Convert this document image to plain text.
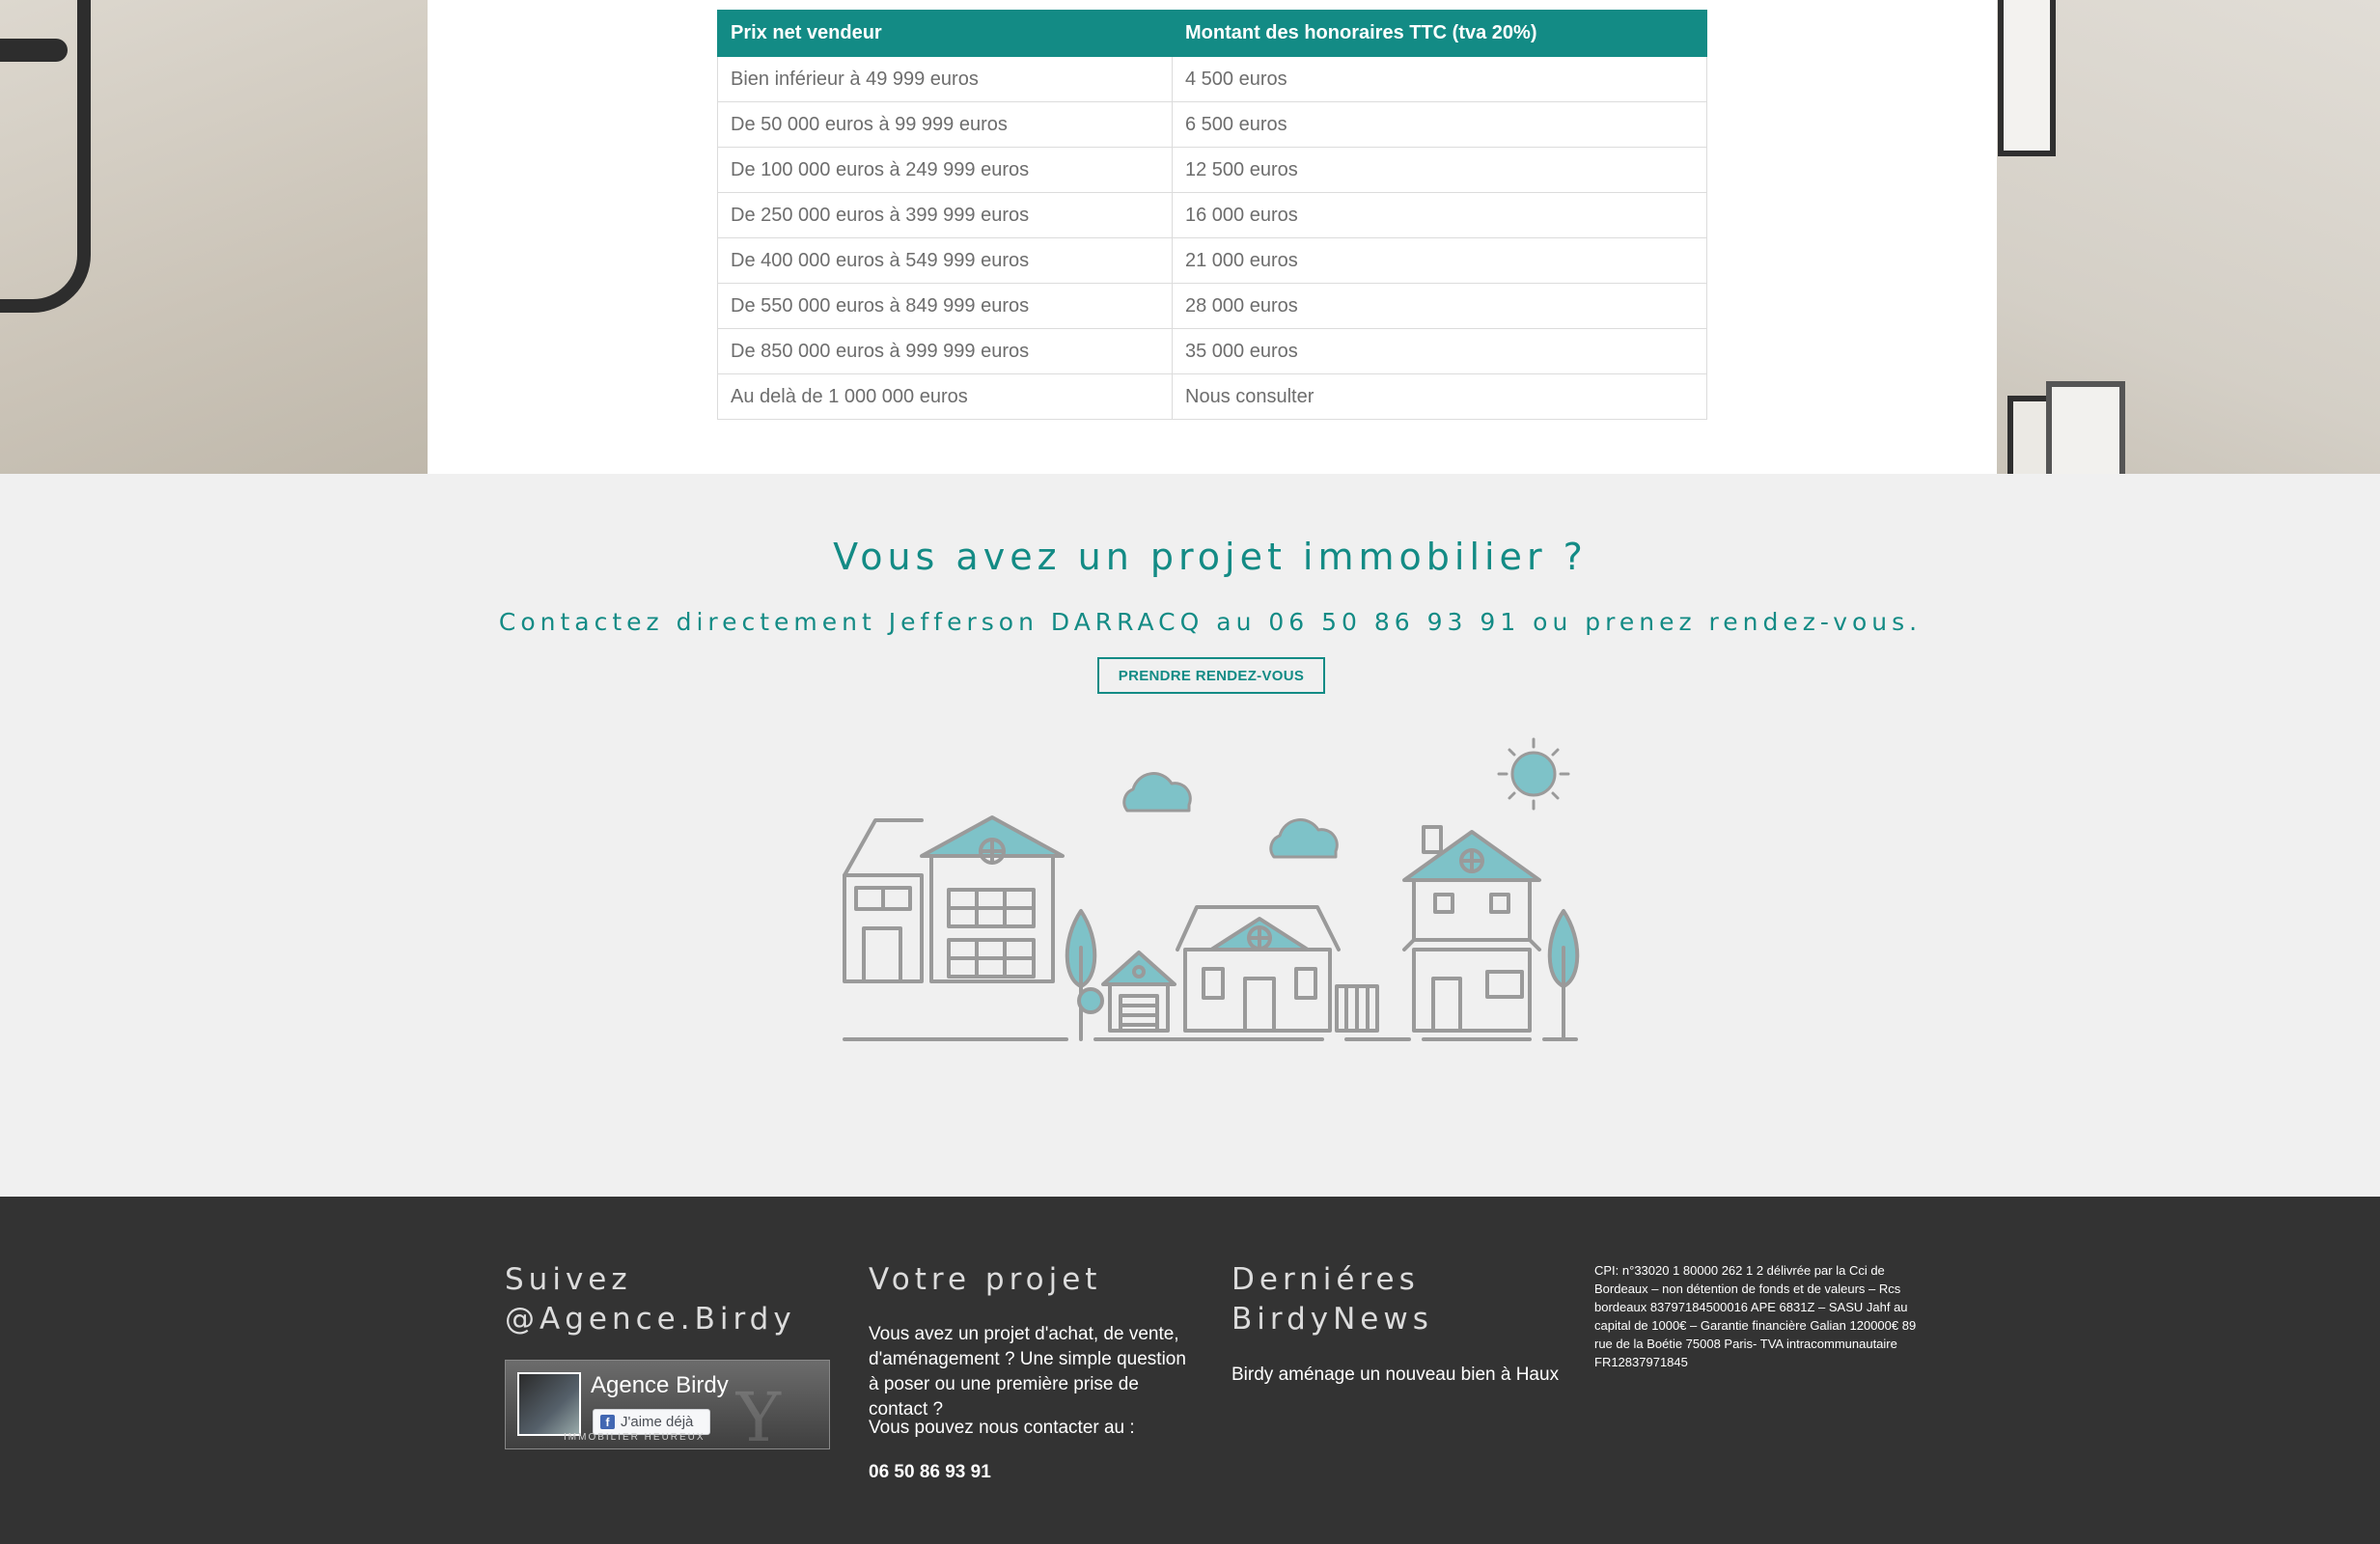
Prix net vendeur	Montant des honoraires TTC (tva 20%)
Bien inférieur à 49 999 euros	4 500 euros
De 50 000 euros à 99 999 euros	6 500 euros
De 100 000 euros à 249 999 euros	12 500 euros
De 250 000 euros à 399 999 euros	16 000 euros
De 400 000 euros à 549 999 euros	21 000 euros
De 550 000 euros à 849 999 euros	28 000 euros
De 850 000 euros à 999 999 euros	35 000 euros
Au delà de 1 000 000 euros	Nous consulter
Vous avez un projet immobilier ?
Contactez directement Jefferson DARRACQ au 06 50 86 93 91 ou prenez rendez-vous.
PRENDRE RENDEZ-VOUS
Suivez
@Agence.Birdy
Agence Birdy
f J'aime déjà Y
IMMOBILIER HEUREUX
Votre projet
Vous avez un projet d'achat, de vente, d'aménagement ? Une simple question à poser ou une première prise de contact ?
Vous pouvez nous contacter au :
06 50 86 93 91
Derniéres
BirdyNews
Birdy aménage un nouveau bien à Haux
CPI: n°33020 1 80000 262 1 2 délivrée par la Cci de Bordeaux – non détention de fonds et de valeurs – Rcs bordeaux 83797184500016 APE 6831Z – SASU Jahf au capital de 1000€ – Garantie financière Galian 120000€ 89 rue de la Boétie 75008 Paris- TVA intracommunautaire FR12837971845
